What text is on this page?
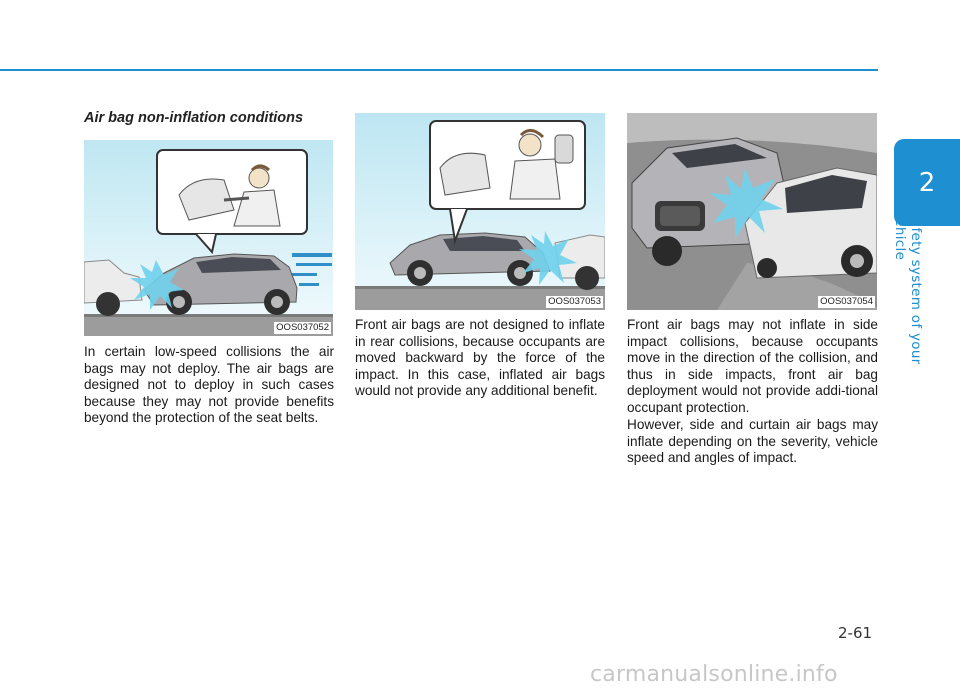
2
Safety system of your vehicle
Air bag non-inflation conditions
OOS037052
OOS037053	OOS037054

In certain low-speed collisions the air bags may not deploy. The air bags are designed not to deploy in such cases because they may not provide benefits beyond the protection of the seat belts.

Front air bags are not designed to inflate in rear collisions, because occupants are moved backward by the force of the impact. In this case, inflated air bags would not provide any additional benefit.

Front air bags may not inflate in side impact collisions, because occupants move in the direction of the collision, and thus in side impacts, front air bag deployment would not provide addi-tional occupant protection.

However, side and curtain air bags may inflate depending on the severity, vehicle speed and angles of impact.

2-61
carmanualsonline.info
